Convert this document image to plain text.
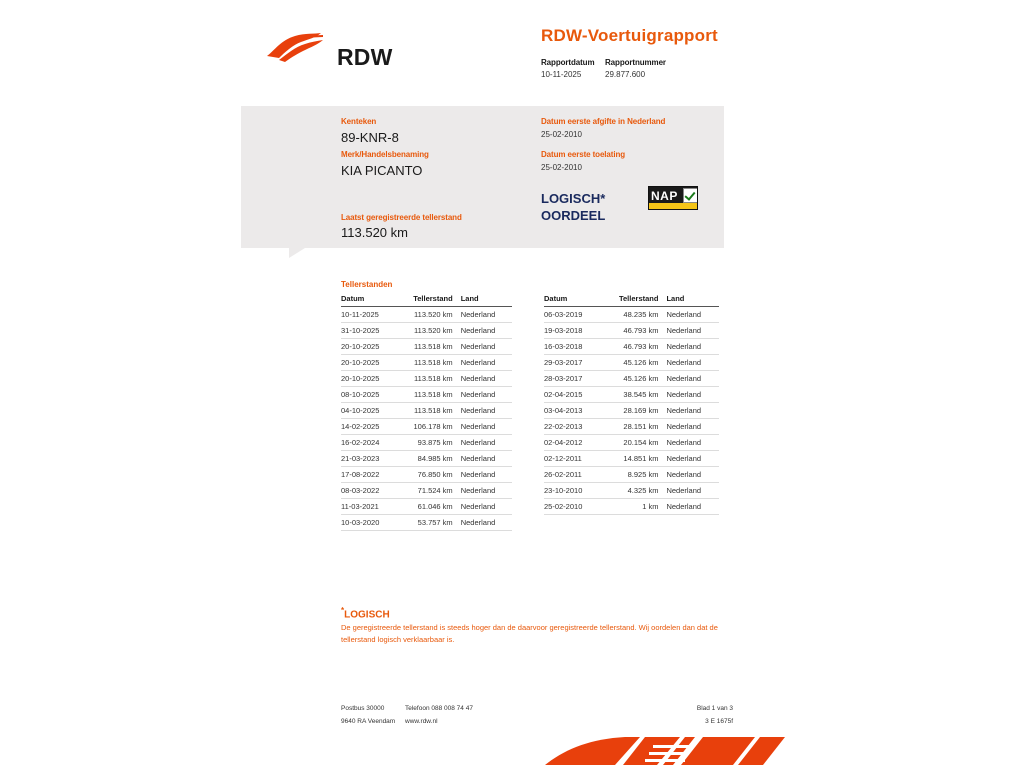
RDW
RDW-Voertuigrapport
Rapportdatum
10-11-2025
Rapportnummer
29.877.600
Kenteken
89-KNR-8
Merk/Handelsbenaming
KIA PICANTO
Laatst geregistreerde tellerstand
113.520 km
Datum eerste afgifte in Nederland
25-02-2010
Datum eerste toelating
25-02-2010
LOGISCH*
OORDEEL
NAP
Tellerstanden
Datum	Tellerstand	Land
10-11-2025	113.520 km	Nederland
31-10-2025	113.520 km	Nederland
20-10-2025	113.518 km	Nederland
20-10-2025	113.518 km	Nederland
20-10-2025	113.518 km	Nederland
08-10-2025	113.518 km	Nederland
04-10-2025	113.518 km	Nederland
14-02-2025	106.178 km	Nederland
16-02-2024	93.875 km	Nederland
21-03-2023	84.985 km	Nederland
17-08-2022	76.850 km	Nederland
08-03-2022	71.524 km	Nederland
11-03-2021	61.046 km	Nederland
10-03-2020	53.757 km	Nederland
Datum	Tellerstand	Land
06-03-2019	48.235 km	Nederland
19-03-2018	46.793 km	Nederland
16-03-2018	46.793 km	Nederland
29-03-2017	45.126 km	Nederland
28-03-2017	45.126 km	Nederland
02-04-2015	38.545 km	Nederland
03-04-2013	28.169 km	Nederland
22-02-2013	28.151 km	Nederland
02-04-2012	20.154 km	Nederland
02-12-2011	14.851 km	Nederland
26-02-2011	8.925 km	Nederland
23-10-2010	4.325 km	Nederland
25-02-2010	1 km	Nederland
*LOGISCH
De geregistreerde tellerstand is steeds hoger dan de daarvoor geregistreerde tellerstand. Wij oordelen dan dat de tellerstand logisch verklaarbaar is.
Postbus 30000	Telefoon 088 008 74 47
9640 RA Veendam www.rdw.nl
Blad 1 van 3
3 E 1675f
